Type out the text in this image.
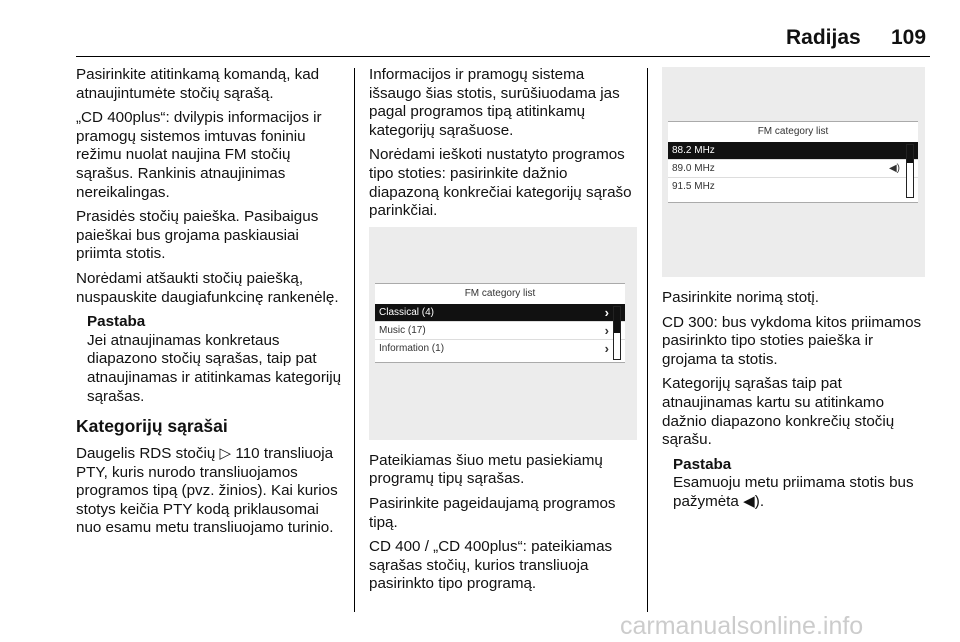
Radijas 109

Pasirinkite atitinkamą komandą, kad atnaujintumėte stočių sąrašą.

„CD 400plus“: dvilypis informacijos ir pramogų sistemos imtuvas foniniu režimu nuolat naujina FM stočių sąrašus. Rankinis atnaujinimas nereikalingas.

Prasidės stočių paieška. Pasibaigus paieškai bus grojama paskiausiai priimta stotis.

Norėdami atšaukti stočių paiešką, nuspauskite daugiafunkcinę rankenėlę.

Pastaba
Jei atnaujinamas konkretaus diapazono stočių sąrašas, taip pat atnaujinamas ir atitinkamas kategorijų sąrašas.
Kategorijų sąrašai

Daugelis RDS stočių ▷ 110 transliuoja PTY, kuris nurodo transliuojamos programos tipą (pvz. žinios). Kai kurios stotys keičia PTY kodą priklausomai nuo esamu metu transliuojamo turinio.

Informacijos ir pramogų sistema išsaugo šias stotis, surūšiuodama jas pagal programos tipą atitinkamų kategorijų sąrašuose.

Norėdami ieškoti nustatyto programos tipo stoties: pasirinkite dažnio diapazoną konkrečiai kategorijų sąrašo parinkčiai.

FM category list
Classical (4)	›
Music (17)	›
Information (1)	›

Pateikiamas šiuo metu pasiekiamų programų tipų sąrašas.

Pasirinkite pageidaujamą programos tipą.

CD 400 / „CD 400plus“: pateikiamas sąrašas stočių, kurios transliuoja pasirinkto tipo programą.

FM category list
88.2 MHz
89.0 MHz	◀)
91.5 MHz

Pasirinkite norimą stotį.

CD 300: bus vykdoma kitos priimamos pasirinkto tipo stoties paieška ir grojama ta stotis.

Kategorijų sąrašas taip pat atnaujinamas kartu su atitinkamo dažnio diapazono konkrečių stočių sąrašu.

Pastaba
Esamuoju metu priimama stotis bus pažymėta ◀).
carmanualsonline.info
